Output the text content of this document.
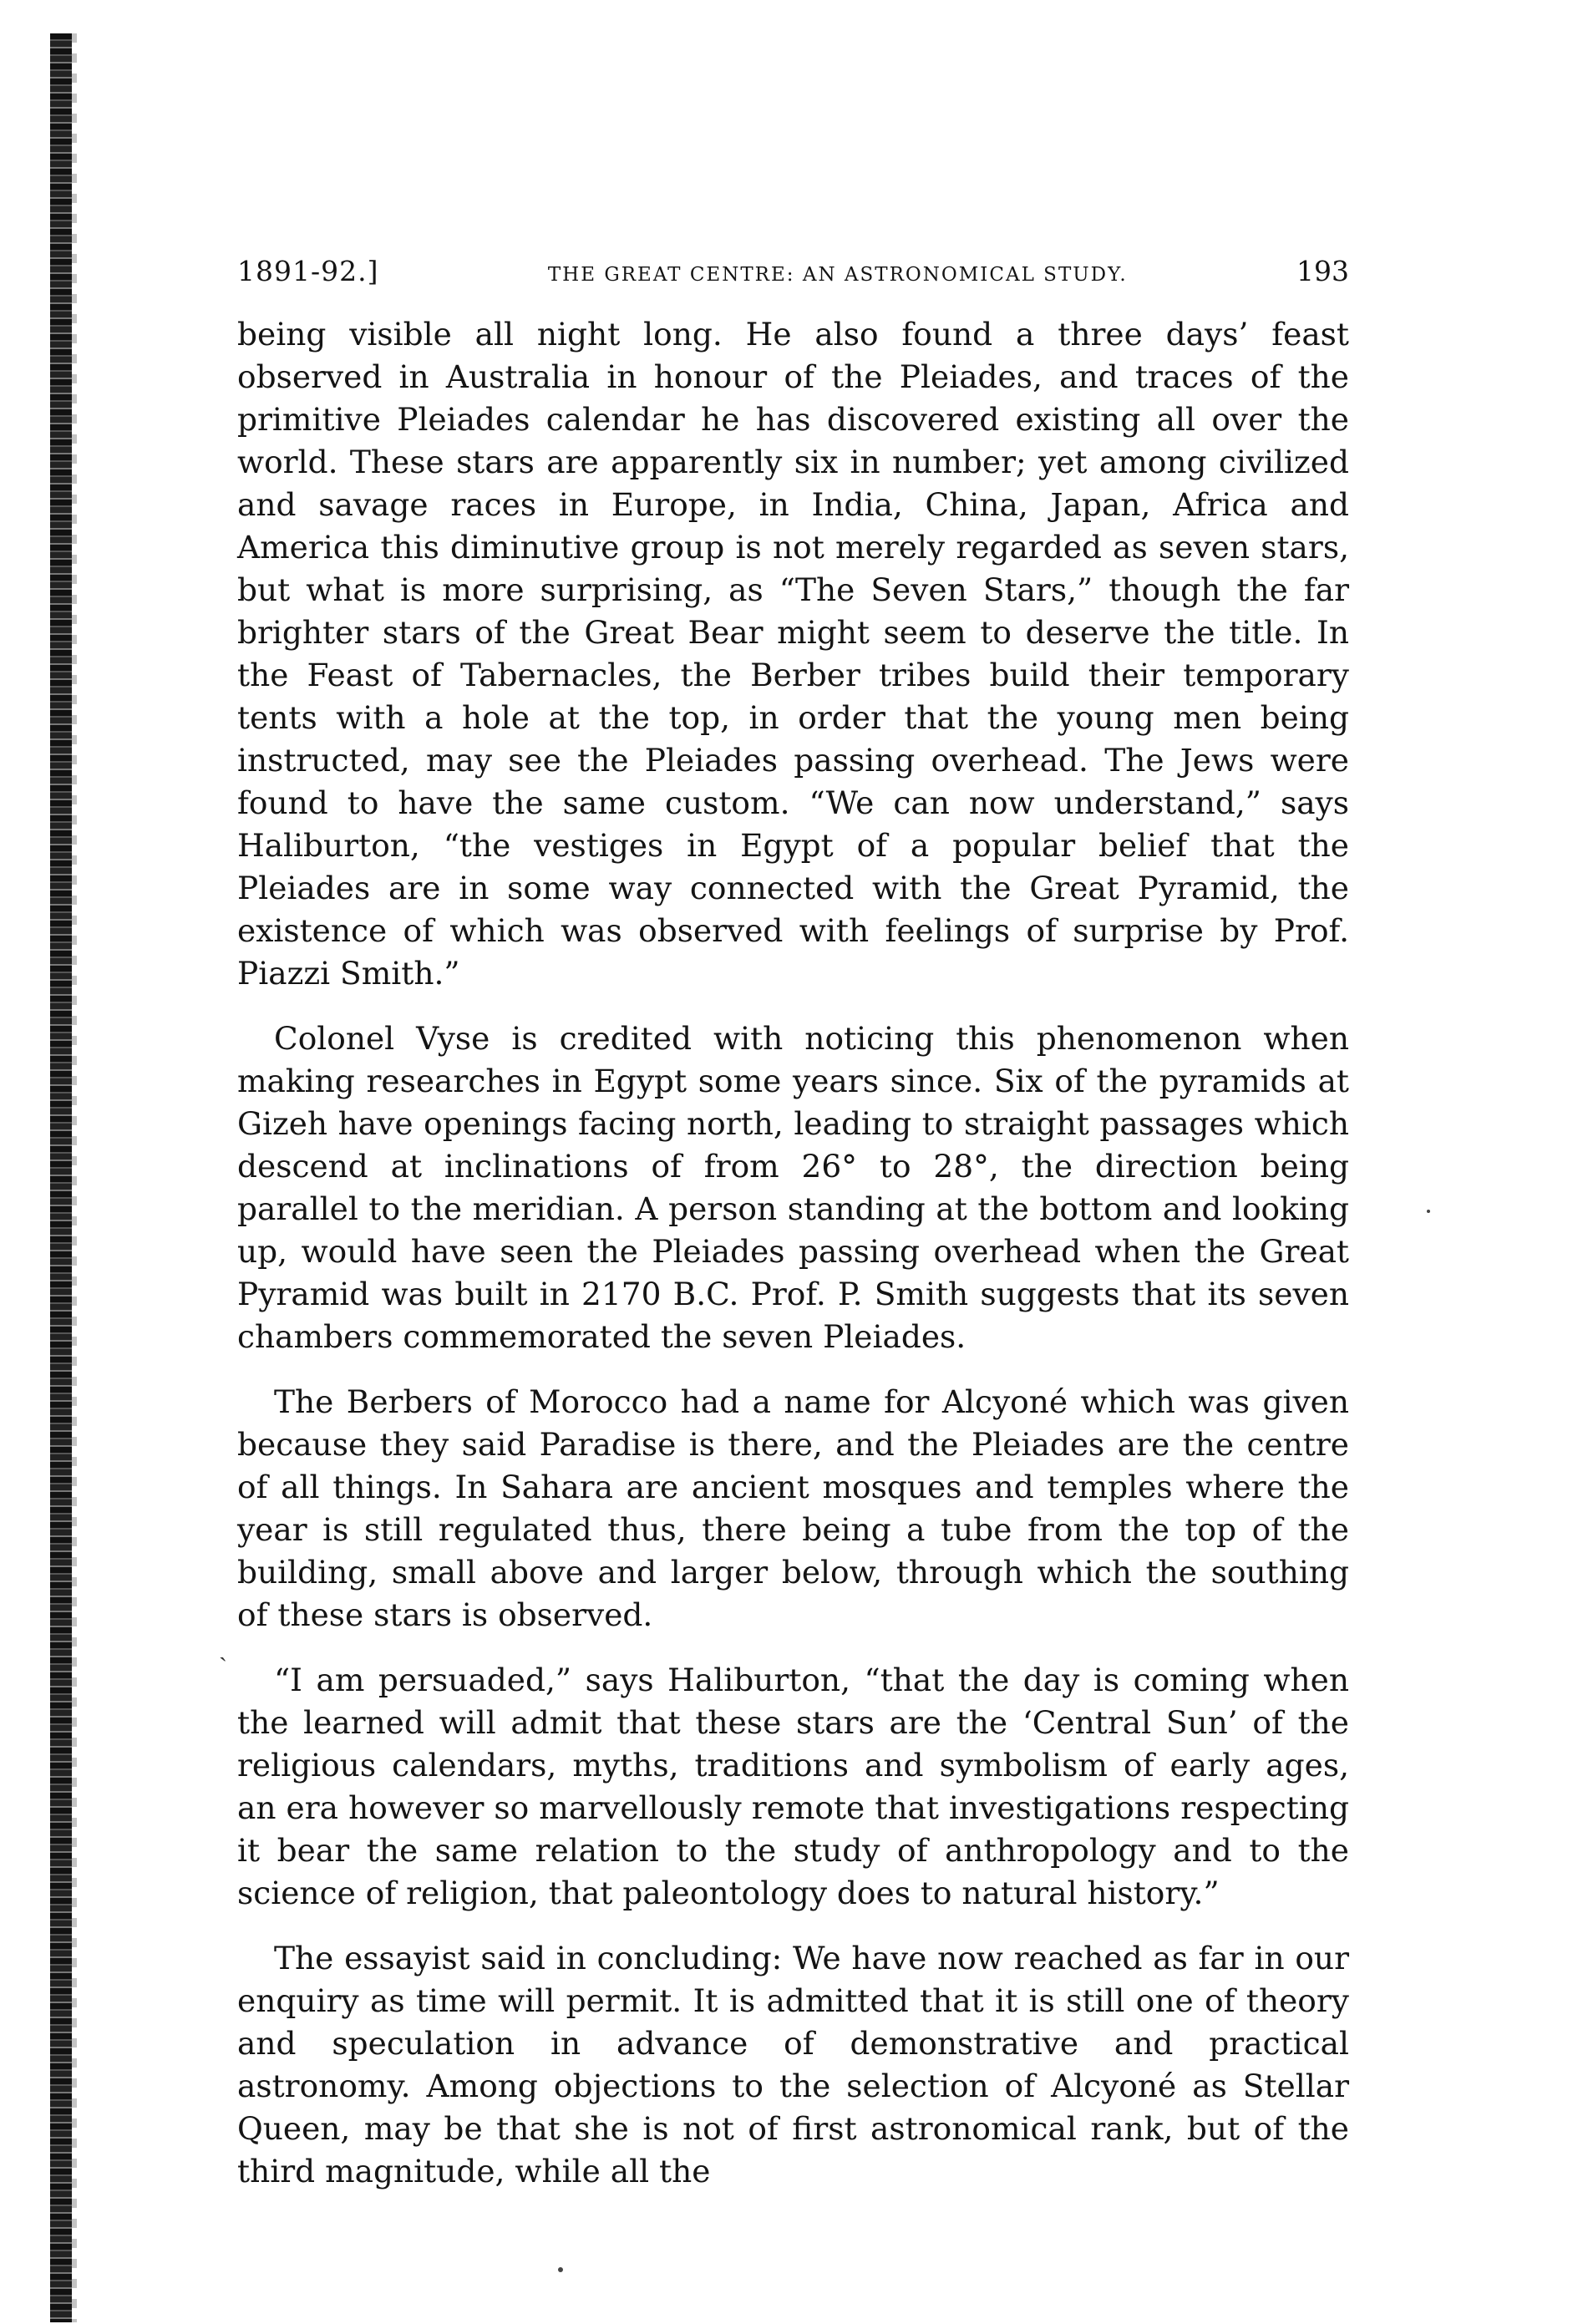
1891-92.]	THE GREAT CENTRE: AN ASTRONOMICAL STUDY.	193

being visible all night long. He also found a three days’ feast observed in Australia in honour of the Pleiades, and traces of the primitive Pleiades calendar he has discovered existing all over the world. These stars are apparently six in number; yet among civilized and savage races in Europe, in India, China, Japan, Africa and America this diminutive group is not merely regarded as seven stars, but what is more surprising, as “The Seven Stars,” though the far brighter stars of the Great Bear might seem to deserve the title. In the Feast of Tabernacles, the Berber tribes build their temporary tents with a hole at the top, in order that the young men being instructed, may see the Pleiades passing overhead. The Jews were found to have the same custom. “We can now understand,” says Haliburton, “the vestiges in Egypt of a popular belief that the Pleiades are in some way connected with the Great Pyramid, the existence of which was observed with feelings of surprise by Prof. Piazzi Smith.”

Colonel Vyse is credited with noticing this phenomenon when making researches in Egypt some years since. Six of the pyramids at Gizeh have openings facing north, leading to straight passages which descend at inclinations of from 26° to 28°, the direction being parallel to the meridian. A person standing at the bottom and looking up, would have seen the Pleiades passing overhead when the Great Pyramid was built in 2170 B.C. Prof. P. Smith suggests that its seven chambers commemorated the seven Pleiades.

The Berbers of Morocco had a name for Alcyoné which was given because they said Paradise is there, and the Pleiades are the centre of all things. In Sahara are ancient mosques and temples where the year is still regulated thus, there being a tube from the top of the building, small above and larger below, through which the southing of these stars is observed.

“I am persuaded,” says Haliburton, “that the day is coming when the learned will admit that these stars are the ‘Central Sun’ of the religious calendars, myths, traditions and symbolism of early ages, an era however so marvellously remote that investigations respecting it bear the same relation to the study of anthropology and to the science of religion, that paleontology does to natural history.”

The essayist said in concluding: We have now reached as far in our enquiry as time will permit. It is admitted that it is still one of theory and speculation in advance of demonstrative and practical astronomy. Among objections to the selection of Alcyoné as Stellar Queen, may be that she is not of first astronomical rank, but of the third magnitude, while all the

ˏ
